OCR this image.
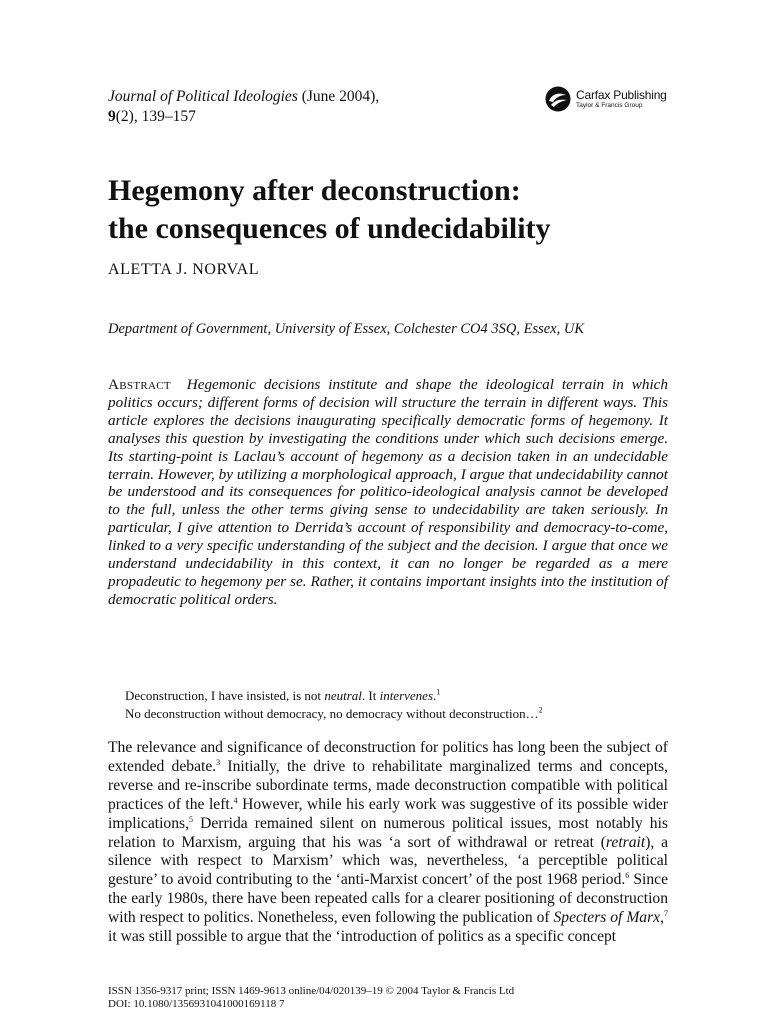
Journal of Political Ideologies (June 2004),
9(2), 139–157
Carfax Publishing
Taylor & Francis Group
Hegemony after deconstruction:
the consequences of undecidability
ALETTA J. NORVAL
Department of Government, University of Essex, Colchester CO4 3SQ, Essex, UK

Abstract Hegemonic decisions institute and shape the ideological terrain in which politics occurs; different forms of decision will structure the terrain in different ways. This article explores the decisions inaugurating specifically democratic forms of hegemony. It analyses this question by investigating the conditions under which such decisions emerge. Its starting-point is Laclau’s account of hegemony as a decision taken in an undecidable terrain. However, by utilizing a morphological approach, I argue that undecidability cannot be understood and its consequences for politico-ideological analysis cannot be developed to the full, unless the other terms giving sense to undecidability are taken seriously. In particular, I give attention to Derrida’s account of responsibility and democracy-to-come, linked to a very specific understanding of the subject and the decision. I argue that once we understand undecidability in this context, it can no longer be regarded as a mere propadeutic to hegemony per se. Rather, it contains important insights into the institution of democratic political orders.

Deconstruction, I have insisted, is not neutral. It intervenes.$^1$
No deconstruction without democracy, no democracy without deconstruction…$^2$

The relevance and significance of deconstruction for politics has long been the subject of extended debate.$^3$ Initially, the drive to rehabilitate marginalized terms and concepts, reverse and re-inscribe subordinate terms, made deconstruction compatible with political practices of the left.$^4$ However, while his early work was suggestive of its possible wider implications,$^5$ Derrida remained silent on numerous political issues, most notably his relation to Marxism, arguing that his was ‘a sort of withdrawal or retreat (retrait), a silence with respect to Marxism’ which was, nevertheless, ‘a perceptible political gesture’ to avoid contributing to the ‘anti-Marxist concert’ of the post 1968 period.$^6$ Since the early 1980s, there have been repeated calls for a clearer positioning of deconstruction with respect to politics. Nonetheless, even following the publication of Specters of Marx,$^7$ it was still possible to argue that the ‘introduction of politics as a specific concept

ISSN 1356-9317 print; ISSN 1469-9613 online/04/020139–19 © 2004 Taylor & Francis Ltd
DOI: 10.1080/1356931041000169118 7
